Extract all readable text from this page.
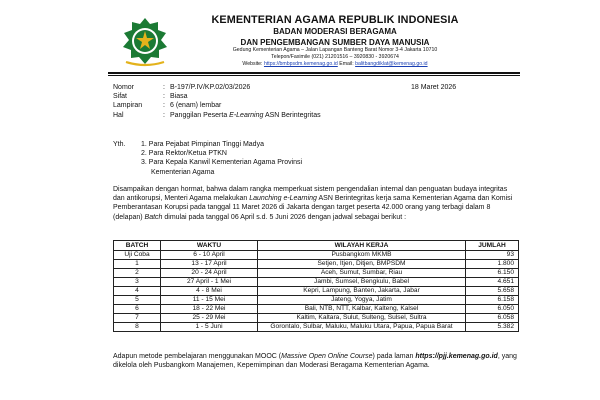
KEMENTERIAN AGAMA REPUBLIK INDONESIA
BADAN MODERASI BERAGAMA
DAN PENGEMBANGAN SUMBER DAYA MANUSIA
Gedung Kementerian Agama – Jalan Lapangan Banteng Barat Nomor 3-4 Jakarta 10710
Telepon/Faximile (021) 21201516 – 3920830 - 3920674
Website: https://bmbpsdm.kemenag.go.id Email: balitbangdiklat@kemenag.go.id
Nomor	: B-197/P.IV/KP.02/03/2026
Sifat	: Biasa
Lampiran	: 6 (enam) lembar
Hal	: Panggilan Peserta E-Learning ASN Berintegritas
18 Maret 2026
Yth. 1. Para Pejabat Pimpinan Tinggi Madya
2. Para Rektor/Ketua PTKN
3. Para Kepala Kanwil Kementerian Agama Provinsi
Kementerian Agama
Disampaikan dengan hormat, bahwa dalam rangka memperkuat sistem pengendalian internal dan penguatan budaya integritas dan antikorupsi, Menteri Agama melakukan Launching e-Learning ASN Berintegritas kerja sama Kementerian Agama dan Komisi Pemberantasan Korupsi pada tanggal 11 Maret 2026 di Jakarta dengan target peserta 42.000 orang yang terbagi dalam 8 (delapan) Batch dimulai pada tanggal 06 April s.d. 5 Juni 2026 dengan jadwal sebagai berikut :
BATCH	WAKTU	WILAYAH KERJA	JUMLAH
Uji Coba	6 - 10 April	Pusbangkom MKMB	93
1	13 - 17 April	Setjen, Itjen, Ditjen, BMPSDM	1.800
2	20 - 24 April	Aceh, Sumut, Sumbar, Riau	6.150
3	27 April - 1 Mei	Jambi, Sumsel, Bengkulu, Babel	4.651
4	4 - 8 Mei	Kepri, Lampung, Banten, Jakarta, Jabar	5.658
5	11 - 15 Mei	Jateng, Yogya, Jatim	6.158
6	18 - 22 Mei	Bali, NTB, NTT, Kalbar, Kalteng, Kalsel	6.050
7	25 - 29 Mei	Kaltim, Kaltara, Sulut, Sulteng, Sulsel, Sultra	6.058
8	1 - 5 Juni	Gorontalo, Sulbar, Maluku, Maluku Utara, Papua, Papua Barat	5.382
Adapun metode pembelajaran menggunakan MOOC (Massive Open Online Course) pada laman https://pjj.kemenag.go.id, yang dikelola oleh Pusbangkom Manajemen, Kepemimpinan dan Moderasi Beragama Kementerian Agama.
